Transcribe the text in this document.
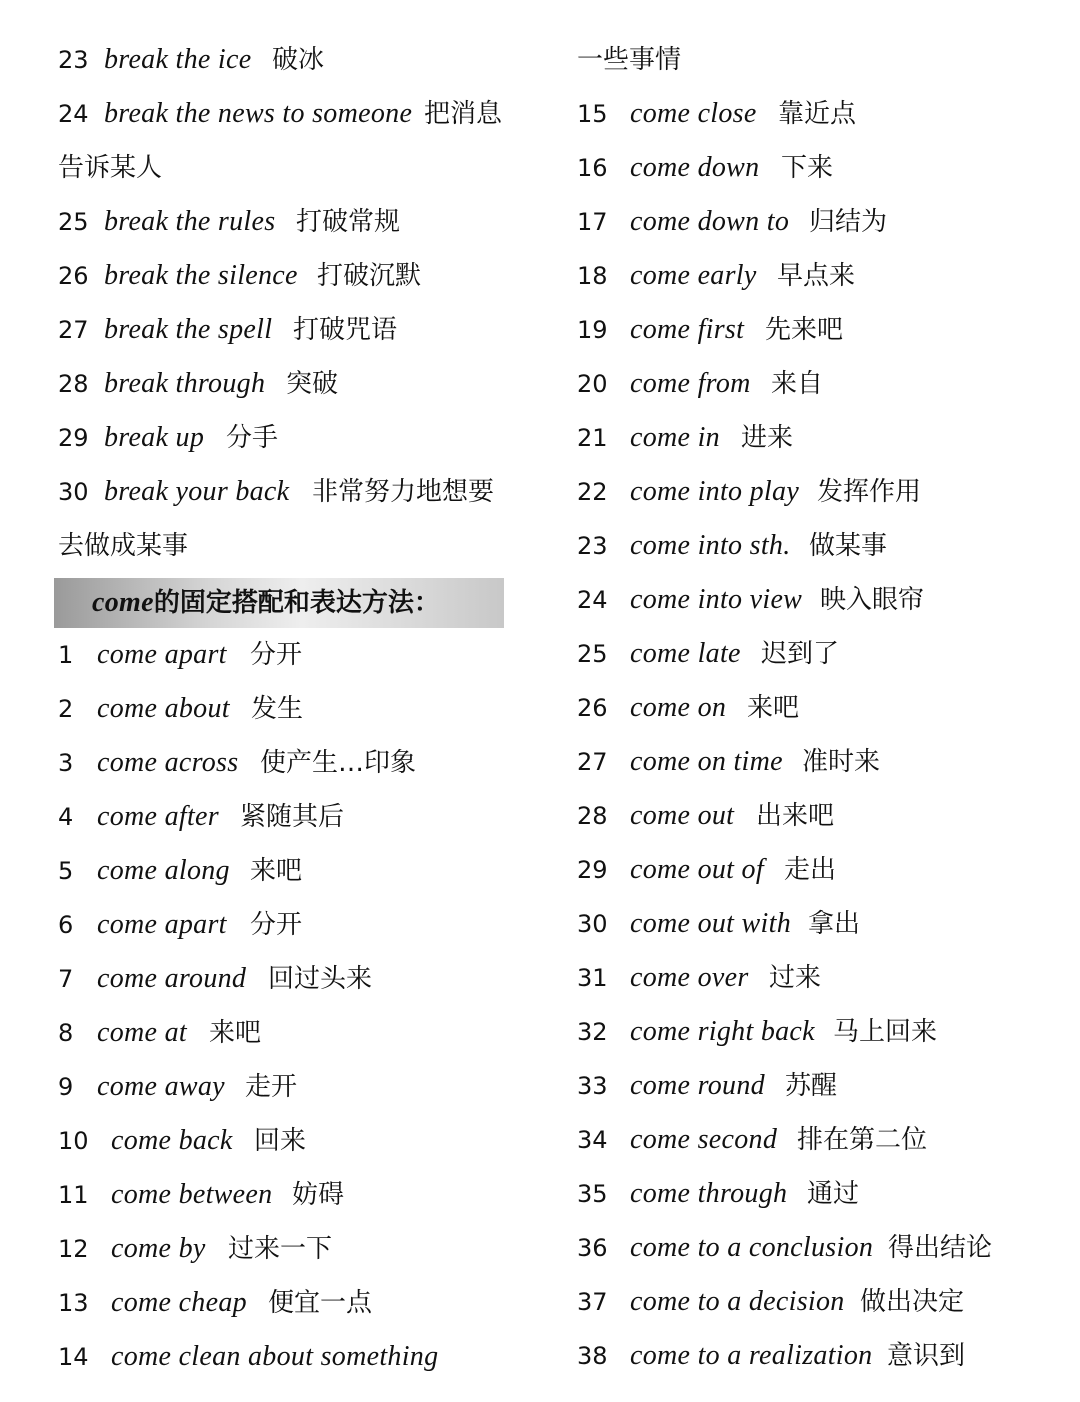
23 break the ice 破冰
24 break the news to someone 把消息
告诉某人
25 break the rules 打破常规
26 break the silence 打破沉默
27 break the spell 打破咒语
28 break through 突破
29 break up 分手
30 break your back 非常努力地想要
去做成某事
come的固定搭配和表达方法：
1 come apart 分开
2 come about 发生
3 come across 使产生…印象
4 come after 紧随其后
5 come along 来吧
6 come apart 分开
7 come around 回过头来
8 come at 来吧
9 come away 走开
10 come back 回来
11 come between 妨碍
12 come by 过来一下
13 come cheap 便宜一点
14 come clean about something
一些事情
15 come close 靠近点
16 come down 下来
17 come down to 归结为
18 come early 早点来
19 come first 先来吧
20 come from 来自
21 come in 进来
22 come into play 发挥作用
23 come into sth. 做某事
24 come into view 映入眼帘
25 come late 迟到了
26 come on 来吧
27 come on time 准时来
28 come out 出来吧
29 come out of 走出
30 come out with 拿出
31 come over 过来
32 come right back 马上回来
33 come round 苏醒
34 come second 排在第二位
35 come through 通过
36 come to a conclusion 得出结论
37 come to a decision 做出决定
38 come to a realization 意识到
